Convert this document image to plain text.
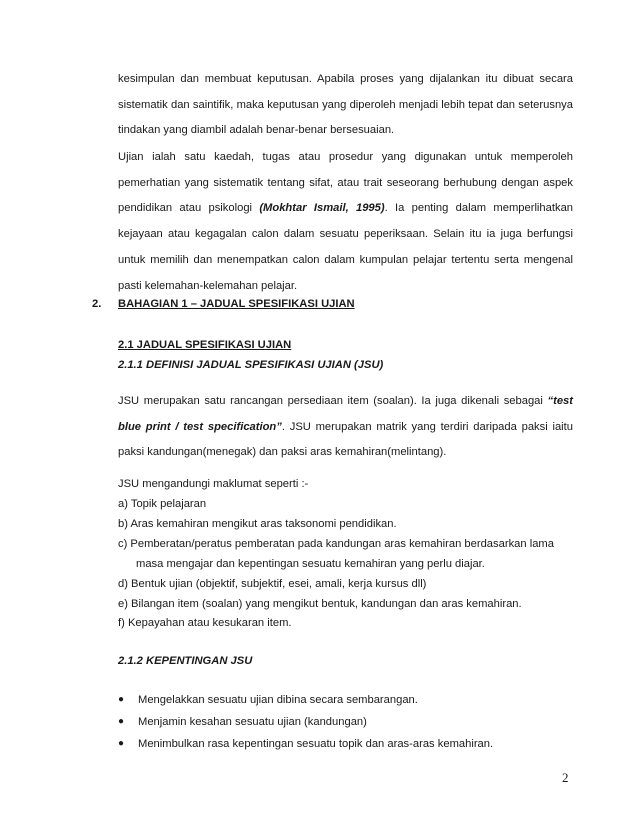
kesimpulan dan membuat keputusan. Apabila proses yang dijalankan itu dibuat secara sistematik dan saintifik, maka keputusan yang diperoleh menjadi lebih tepat dan seterusnya tindakan yang diambil adalah benar-benar bersesuaian.

Ujian ialah satu kaedah, tugas atau prosedur yang digunakan untuk memperoleh pemerhatian yang sistematik tentang sifat, atau trait seseorang berhubung dengan aspek pendidikan atau psikologi (Mokhtar Ismail, 1995). Ia penting dalam memperlihatkan kejayaan atau kegagalan calon dalam sesuatu peperiksaan. Selain itu ia juga berfungsi untuk memilih dan menempatkan calon dalam kumpulan pelajar tertentu serta mengenal pasti kelemahan-kelemahan pelajar.

2. BAHAGIAN 1 – JADUAL SPESIFIKASI UJIAN
2.1 JADUAL SPESIFIKASI UJIAN
2.1.1 DEFINISI JADUAL SPESIFIKASI UJIAN (JSU)

JSU merupakan satu rancangan persediaan item (soalan). Ia juga dikenali sebagai “test blue print / test specification”. JSU merupakan matrik yang terdiri daripada paksi iaitu paksi kandungan(menegak) dan paksi aras kemahiran(melintang).

JSU mengandungi maklumat seperti :-
a) Topik pelajaran
b) Aras kemahiran mengikut aras taksonomi pendidikan.
c) Pemberatan/peratus pemberatan pada kandungan aras kemahiran berdasarkan lama
masa mengajar dan kepentingan sesuatu kemahiran yang perlu diajar.
d) Bentuk ujian (objektif, subjektif, esei, amali, kerja kursus dll)
e) Bilangan item (soalan) yang mengikut bentuk, kandungan dan aras kemahiran.
f) Kepayahan atau kesukaran item.
2.1.2 KEPENTINGAN JSU
● Mengelakkan sesuatu ujian dibina secara sembarangan.
● Menjamin kesahan sesuatu ujian (kandungan)
● Menimbulkan rasa kepentingan sesuatu topik dan aras-aras kemahiran.
2
